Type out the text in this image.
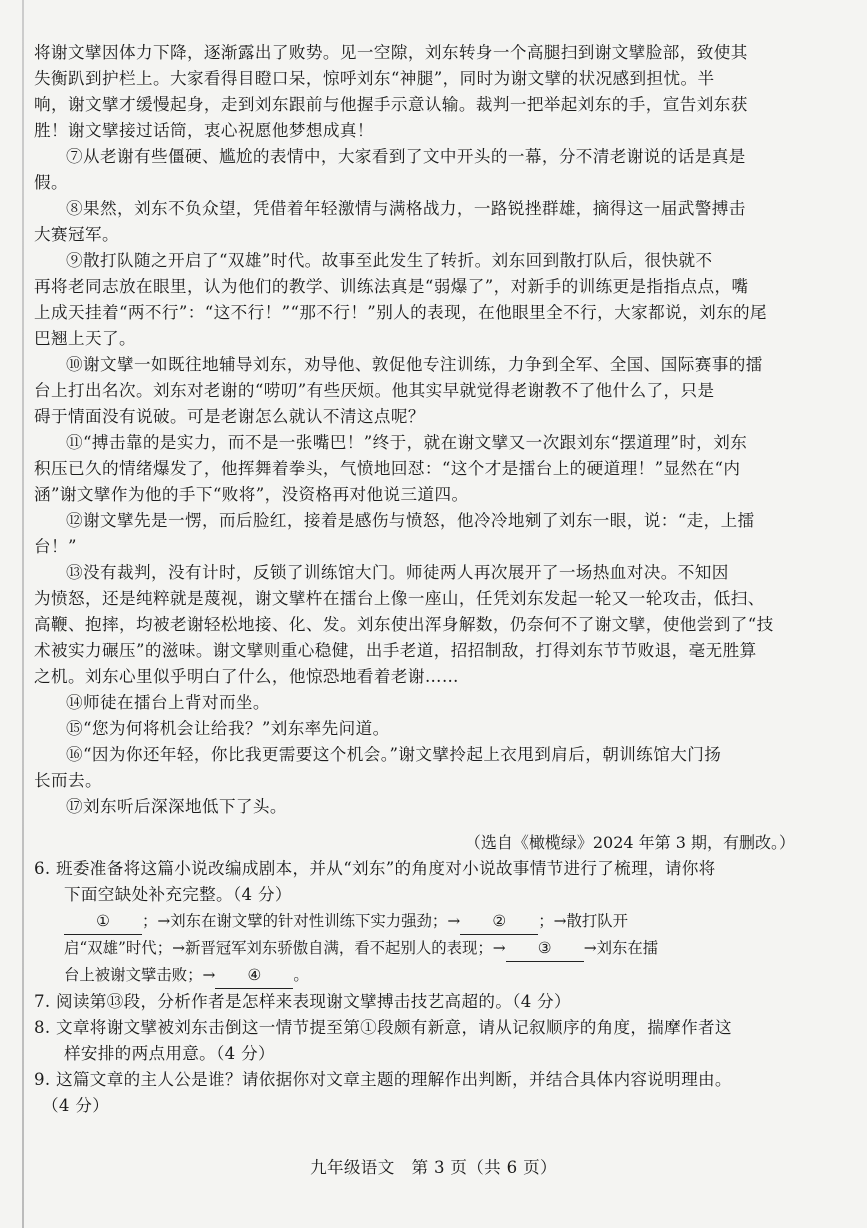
将谢文擘因体力下降，逐渐露出了败势。见一空隙，刘东转身一个高腿扫到谢文擘脸部，致使其
失衡趴到护栏上。大家看得目瞪口呆，惊呼刘东“神腿”，同时为谢文擘的状况感到担忧。半
响，谢文擘才缓慢起身，走到刘东跟前与他握手示意认输。裁判一把举起刘东的手，宣告刘东获
胜！谢文擘接过话筒，衷心祝愿他梦想成真！
⑦从老谢有些僵硬、尴尬的表情中，大家看到了文中开头的一幕，分不清老谢说的话是真是
假。
⑧果然，刘东不负众望，凭借着年轻激情与满格战力，一路锐挫群雄，摘得这一届武警搏击
大赛冠军。
⑨散打队随之开启了“双雄”时代。故事至此发生了转折。刘东回到散打队后，很快就不
再将老同志放在眼里，认为他们的教学、训练法真是“弱爆了”，对新手的训练更是指指点点，嘴
上成天挂着“两不行”：“这不行！”“那不行！”别人的表现，在他眼里全不行，大家都说，刘东的尾
巴翘上天了。
⑩谢文擘一如既往地辅导刘东，劝导他、敦促他专注训练，力争到全军、全国、国际赛事的擂
台上打出名次。刘东对老谢的“唠叨”有些厌烦。他其实早就觉得老谢教不了他什么了，只是
碍于情面没有说破。可是老谢怎么就认不清这点呢？
⑪“搏击靠的是实力，而不是一张嘴巴！”终于，就在谢文擘又一次跟刘东“摆道理”时，刘东
积压已久的情绪爆发了，他挥舞着拳头，气愤地回怼：“这个才是擂台上的硬道理！”显然在“内
涵”谢文擘作为他的手下“败将”，没资格再对他说三道四。
⑫谢文擘先是一愣，而后脸红，接着是感伤与愤怒，他冷冷地剜了刘东一眼，说：“走，上擂
台！”
⑬没有裁判，没有计时，反锁了训练馆大门。师徒两人再次展开了一场热血对决。不知因
为愤怒，还是纯粹就是蔑视，谢文擘杵在擂台上像一座山，任凭刘东发起一轮又一轮攻击，低扫、
高鞭、抱摔，均被老谢轻松地接、化、发。刘东使出浑身解数，仍奈何不了谢文擘，使他尝到了“技
术被实力碾压”的滋味。谢文擘则重心稳健，出手老道，招招制敌，打得刘东节节败退，毫无胜算
之机。刘东心里似乎明白了什么，他惊恐地看着老谢……
⑭师徒在擂台上背对而坐。
⑮“您为何将机会让给我？”刘东率先问道。
⑯“因为你还年轻，你比我更需要这个机会。”谢文擘拎起上衣甩到肩后，朝训练馆大门扬
长而去。
⑰刘东听后深深地低下了头。
（选自《橄榄绿》2024 年第 3 期，有删改。）
6. 班委准备将这篇小说改编成剧本，并从“刘东”的角度对小说故事情节进行了梳理，请你将
下面空缺处补充完整。（4 分）
① ；→刘东在谢文擘的针对性训练下实力强劲；→ ② ；→散打队开
启“双雄”时代；→新晋冠军刘东骄傲自满，看不起别人的表现；→ ③ →刘东在擂
台上被谢文擘击败；→ ④ 。
7. 阅读第⑬段，分析作者是怎样来表现谢文擘搏击技艺高超的。（4 分）
8. 文章将谢文擘被刘东击倒这一情节提至第①段颇有新意，请从记叙顺序的角度，揣摩作者这
样安排的两点用意。（4 分）
9. 这篇文章的主人公是谁？请依据你对文章主题的理解作出判断，并结合具体内容说明理由。
（4 分）
九年级语文　第 3 页（共 6 页）
